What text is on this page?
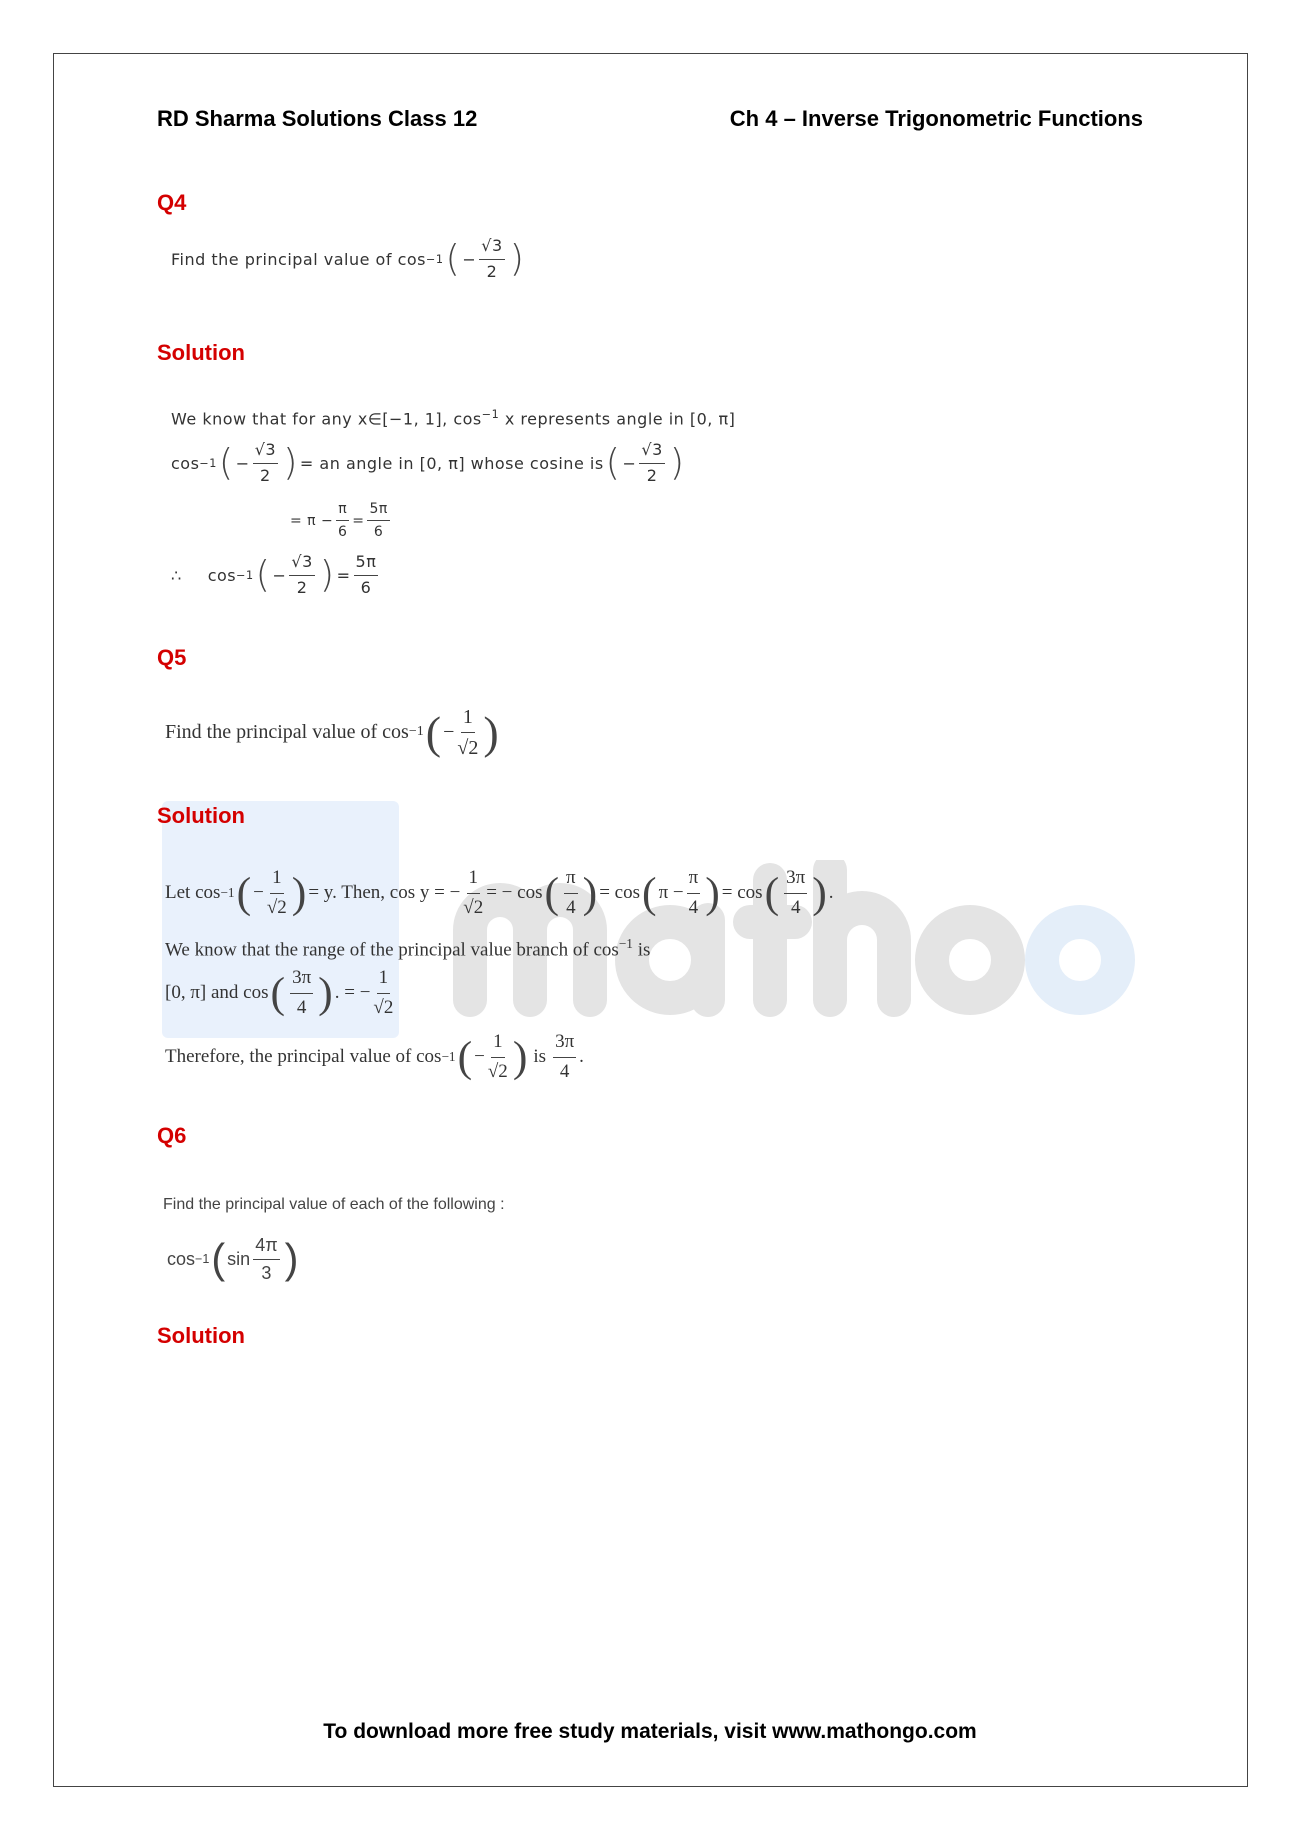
RD Sharma Solutions Class 12	Ch 4 – Inverse Trigonometric Functions
Q4
Find the principal value of cos −1 ( − $\frac{√3}{2}$ )
Solution
We know that for any x∈[−1, 1], $\cos^{-1} x$ represents angle in [0, π]
cos −1 ( − $\frac{√3}{2}$ ) = an angle in [0, π] whose cosine is ( − $\frac{√3}{2}$ )
= $\pi - \frac{\pi}{6} = \frac{5\pi}{6}$
∴ cos −1 ( − $\frac{√3}{2}$ ) = $\frac{5\pi}{6}$
Q5
Find the principal value of cos −1 ( − $\frac{1}{√2}$ )
Solution
Let cos −1 ( − $\frac{1}{√2}$ ) = y. Then, cos y = − $\frac{1}{√2}$ = − cos ( $\frac{\pi}{4}$ ) = cos ( $\pi - \frac{\pi}{4}$ ) = cos ( $\frac{3\pi}{4}$ ) .
We know that the range of the principal value branch of $\cos^{-1}$ is
[0, π] and cos ( $\frac{3\pi}{4}$ ) . = − $\frac{1}{√2}$
Therefore, the principal value of cos −1 ( − $\frac{1}{√2}$ ) is $\frac{3\pi}{4}$ .
Q6
Find the principal value of each of the following :
cos −1 ( $\sin \frac{4\pi}{3}$ )
Solution
To download more free study materials, visit www.mathongo.com
